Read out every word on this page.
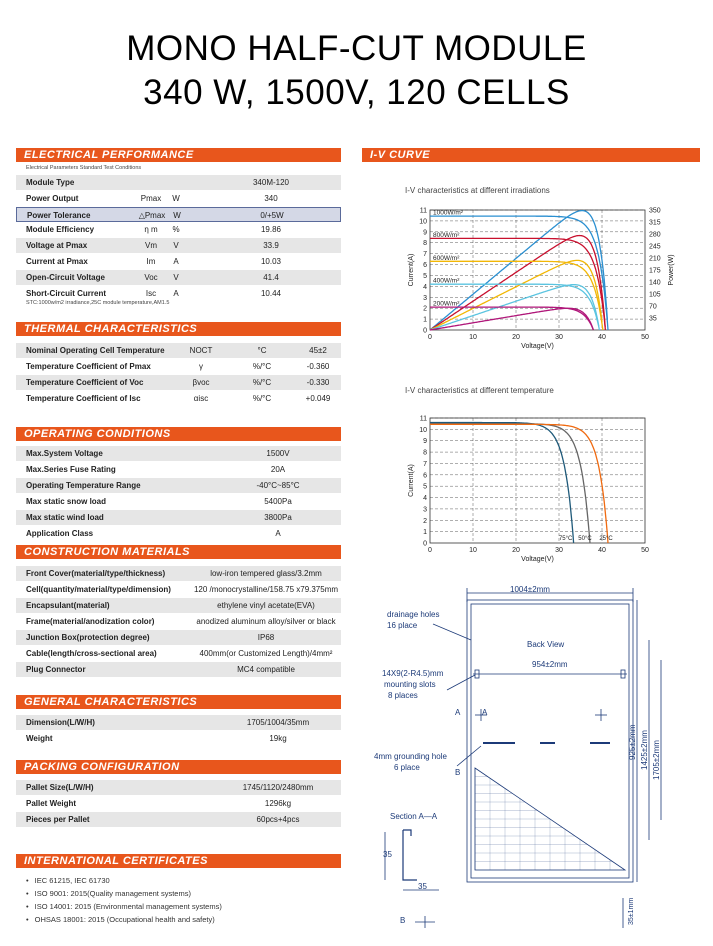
MONO HALF-CUT MODULE
340 W, 1500V, 120 CELLS
ELECTRICAL PERFORMANCE
Electrical Parameters Standard Test Conditions
Module Type	340M-120
Power Output	Pmax W	340
Power Tolerance	△Pmax W	0/+5W
Module Efficiency	η m %	19.86
Voltage at Pmax	Vm V	33.9
Current at Pmax	Im A	10.03
Open-Circuit Voltage	Voc V	41.4
Short-Circuit Current	Isc A	10.44
STC:1000w/m2 irradiance,25C module temperature,AM1.5
THERMAL CHARACTERISTICS
Nominal Operating Cell Temperature	NOCT	°C	45±2
Temperature Coefficient of Pmax	γ	%/°C	-0.360
Temperature Coefficient of Voc	βvoc	%/°C	-0.330
Temperature Coefficient of Isc	αisc	%/°C	+0.049
OPERATING CONDITIONS
Max.System Voltage	1500V
Max.Series Fuse Rating	20A
Operating Temperature Range	-40°C~85°C
Max static snow load	5400Pa
Max static wind load	3800Pa
Application Class	A
CONSTRUCTION MATERIALS
Front Cover(material/type/thickness)	low-iron tempered glass/3.2mm
Cell(quantity/material/type/dimension)	120 /monocrystalline/158.75 x79.375mm
Encapsulant(material)	ethylene vinyl acetate(EVA)
Frame(material/anodization color)	anodized aluminum alloy/silver or black
Junction Box(protection degree)	IP68
Cable(length/cross-sectional area)	400mm(or Customized Length)/4mm²
Plug Connector	MC4 compatible
GENERAL CHARACTERISTICS
Dimension(L/W/H)	1705/1004/35mm
Weight	19kg
PACKING CONFIGURATION
Pallet Size(L/W/H)	1745/1120/2480mm
Pallet Weight	1296kg
Pieces per Pallet	60pcs+4pcs
INTERNATIONAL CERTIFICATES
• IEC 61215, IEC 61730
• ISO 9001: 2015(Quality management systems)
• ISO 14001: 2015 (Environmental management systems)
• OHSAS 18001: 2015 (Occupational health and safety)
I-V CURVE
I-V characteristics at different irradiations
0
1
2
3
4
5
6
7
8
9
10
11
0	10	20	30	40	50
Voltage(V)
Current(A)
35
70
105
140
175
210
245
280
315
350
Power(W)
1000W/m²
800W/m²
600W/m²
400W/m²
200W/m²
I-V characteristics at different temperature
0
1
2
3
4
5
6
7
8
9
10
11
0	10	20	30	40	50
Voltage(V)
Current(A)
75°C 50°C 25°C
1004±2mm
drainage holes
16 place
Back View
954±2mm
14X9(2-R4.5)mm
mounting slots
8 places
A	A
4mm grounding hole
6 place
B
925±2mm 1425±2mm 1705±2mm
Section A—A
35
35
B	35±1mm
